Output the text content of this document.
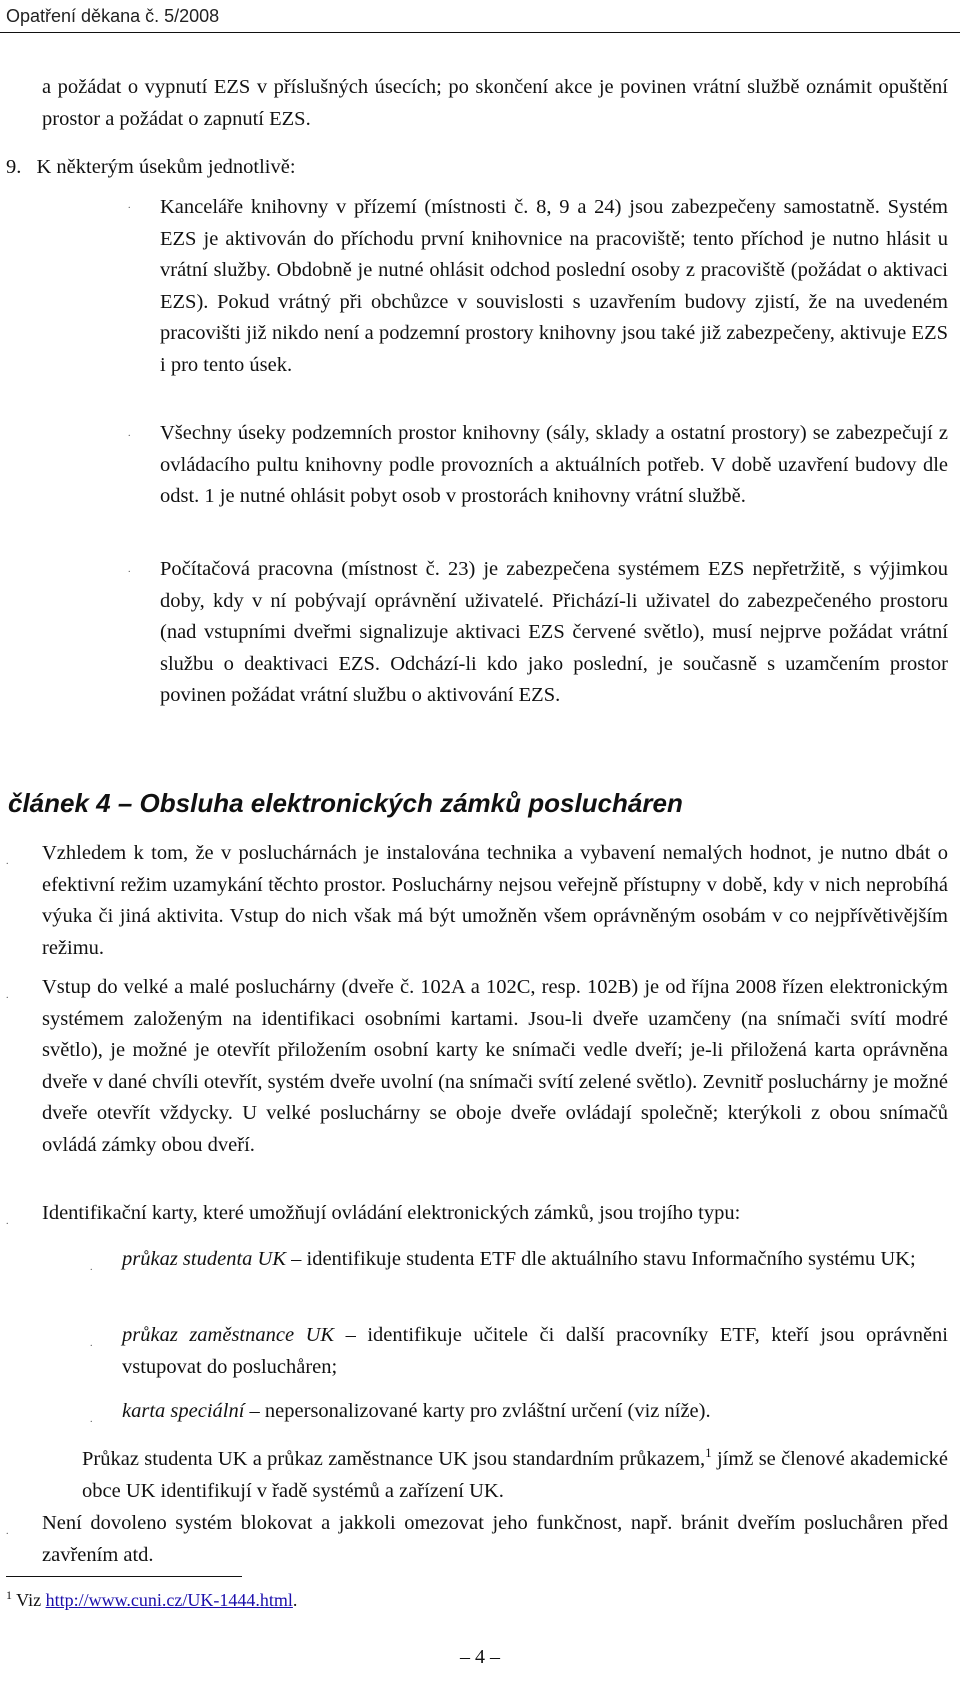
Opatření děkana č. 5/2008

a požádat o vypnutí EZS v příslušných úsecích; po skončení akce je povinen vrátní službě oznámit opuštění prostor a požádat o zapnutí EZS.

9. K některým úsekům jednotlivě:
. Kanceláře knihovny v přízemí (místnosti č. 8, 9 a 24) jsou zabezpečeny samostatně. Systém EZS je aktivován do příchodu první knihovnice na pracoviště; tento příchod je nutno hlásit u vrátní služby. Obdobně je nutné ohlásit odchod poslední osoby z pracoviště (požádat o aktivaci EZS). Pokud vrátný při obchůzce v souvislosti s uzavřením budovy zjistí, že na uvedeném pracovišti již nikdo není a podzemní prostory knihovny jsou také již zabezpečeny, aktivuje EZS i pro tento úsek.

. Všechny úseky podzemních prostor knihovny (sály, sklady a ostatní prostory) se zabezpečují z ovládacího pultu knihovny podle provozních a aktuálních potřeb. V době uzavření budovy dle odst. 1 je nutné ohlásit pobyt osob v prostorách knihovny vrátní službě.

. Počítačová pracovna (místnost č. 23) je zabezpečena systémem EZS nepřetržitě, s výjimkou doby, kdy v ní pobývají oprávnění uživatelé. Přichází-li uživatel do zabezpečeného prostoru (nad vstupními dveřmi signalizuje aktivaci EZS červené světlo), musí nejprve požádat vrátní službu o deaktivaci EZS. Odchází-li kdo jako poslední, je současně s uzamčením prostor povinen požádat vrátní službu o aktivování EZS.

článek 4 – Obsluha elektronických zámků poslucháren
. Vzhledem k tom, že v posluchárnách je instalována technika a vybavení nemalých hodnot, je nutno dbát o efektivní režim uzamykání těchto prostor. Posluchárny nejsou veřejně přístupny v době, kdy v nich neprobíhá výuka či jiná aktivita. Vstup do nich však má být umožněn všem oprávněným osobám v co nejpřívětivějším režimu.

. Vstup do velké a malé posluchárny (dveře č. 102A a 102C, resp. 102B) je od října 2008 řízen elektronickým systémem založeným na identifikaci osobními kartami. Jsou-li dveře uzamčeny (na snímači svítí modré světlo), je možné je otevřít přiložením osobní karty ke snímači vedle dveří; je-li přiložená karta oprávněna dveře v dané chvíli otevřít, systém dveře uvolní (na snímači svítí zelené světlo). Zevnitř posluchárny je možné dveře otevřít vždycky. U velké posluchárny se oboje dveře ovládají společně; kterýkoli z obou snímačů ovládá zámky obou dveří.

. Identifikační karty, které umožňují ovládání elektronických zámků, jsou trojího typu:

. průkaz studenta UK – identifikuje studenta ETF dle aktuálního stavu Informačního systému UK;

. průkaz zaměstnance UK – identifikuje učitele či další pracovníky ETF, kteří jsou oprávněni vstupovat do posluchåren;

. karta speciální – nepersonalizované karty pro zvláštní určení (viz níže).

Průkaz studenta UK a průkaz zaměstnance UK jsou standardním průkazem,$^1$ jímž se členové akademické obce UK identifikují v řadě systémů a zařízení UK.

. Není dovoleno systém blokovat a jakkoli omezovat jeho funkčnost, např. bránit dveřím posluchåren před zavřením atd.

$^1$ Viz http://www.cuni.cz/UK-1444.html.
– 4 –
